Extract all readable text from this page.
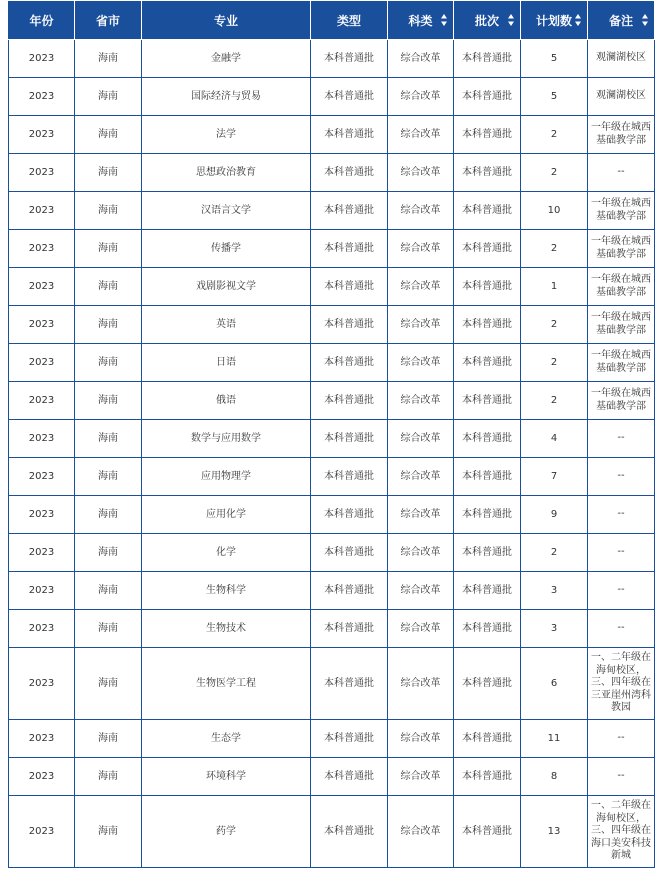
年份	省市	专业	类型	科类	批次	计划数	备注

2023	海南	金融学	本科普通批	综合改革	本科普通批	5	观澜湖校区
2023	海南	国际经济与贸易	本科普通批	综合改革	本科普通批	5	观澜湖校区
2023	海南	法学	本科普通批	综合改革	本科普通批	2	一年级在城西基础教学部
2023	海南	思想政治教育	本科普通批	综合改革	本科普通批	2	--
2023	海南	汉语言文学	本科普通批	综合改革	本科普通批	10	一年级在城西基础教学部
2023	海南	传播学	本科普通批	综合改革	本科普通批	2	一年级在城西基础教学部
2023	海南	戏剧影视文学	本科普通批	综合改革	本科普通批	1	一年级在城西基础教学部
2023	海南	英语	本科普通批	综合改革	本科普通批	2	一年级在城西基础教学部
2023	海南	日语	本科普通批	综合改革	本科普通批	2	一年级在城西基础教学部
2023	海南	俄语	本科普通批	综合改革	本科普通批	2	一年级在城西基础教学部
2023	海南	数学与应用数学	本科普通批	综合改革	本科普通批	4	--
2023	海南	应用物理学	本科普通批	综合改革	本科普通批	7	--
2023	海南	应用化学	本科普通批	综合改革	本科普通批	9	--
2023	海南	化学	本科普通批	综合改革	本科普通批	2	--
2023	海南	生物科学	本科普通批	综合改革	本科普通批	3	--
2023	海南	生物技术	本科普通批	综合改革	本科普通批	3	--
2023	海南	生物医学工程	本科普通批	综合改革	本科普通批	6	一、二年级在海甸校区，三、四年级在三亚崖州湾科教园
2023	海南	生态学	本科普通批	综合改革	本科普通批	11	--
2023	海南	环境科学	本科普通批	综合改革	本科普通批	8	--
2023	海南	药学	本科普通批	综合改革	本科普通批	13	一、二年级在海甸校区，三、四年级在海口美安科技新城
